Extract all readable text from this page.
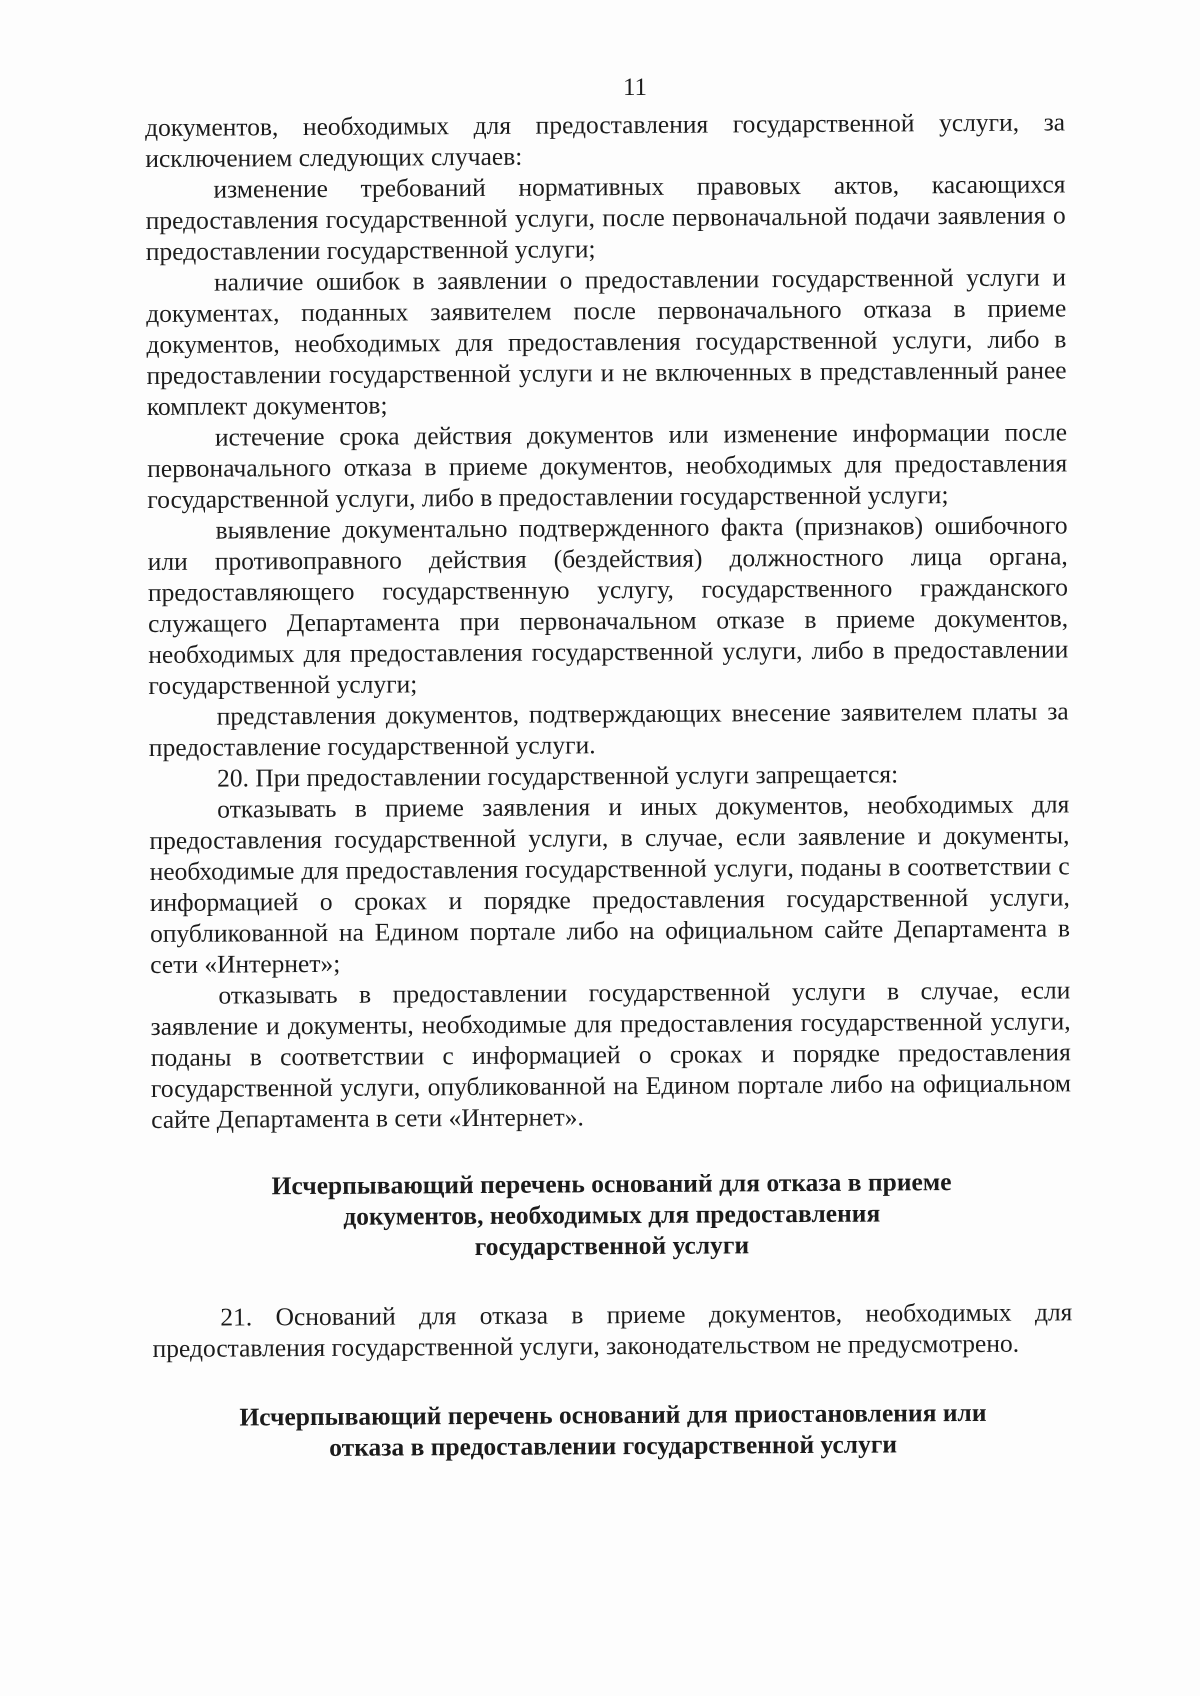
11

документов, необходимых для предоставления государственной услуги, за исключением следующих случаев:

изменение требований нормативных правовых актов, касающихся предоставления государственной услуги, после первоначальной подачи заявления о предоставлении государственной услуги;

наличие ошибок в заявлении о предоставлении государственной услуги и документах, поданных заявителем после первоначального отказа в приеме документов, необходимых для предоставления государственной услуги, либо в предоставлении государственной услуги и не включенных в представленный ранее комплект документов;

истечение срока действия документов или изменение информации после первоначального отказа в приеме документов, необходимых для предоставления государственной услуги, либо в предоставлении государственной услуги;

выявление документально подтвержденного факта (признаков) ошибочного или противоправного действия (бездействия) должностного лица органа, предоставляющего государственную услугу, государственного гражданского служащего Департамента при первоначальном отказе в приеме документов, необходимых для предоставления государственной услуги, либо в предоставлении государственной услуги;

представления документов, подтверждающих внесение заявителем платы за предоставление государственной услуги.

20. При предоставлении государственной услуги запрещается:

отказывать в приеме заявления и иных документов, необходимых для предоставления государственной услуги, в случае, если заявление и документы, необходимые для предоставления государственной услуги, поданы в соответствии с информацией о сроках и порядке предоставления государственной услуги, опубликованной на Едином портале либо на официальном сайте Департамента в сети «Интернет»;

отказывать в предоставлении государственной услуги в случае, если заявление и документы, необходимые для предоставления государственной услуги, поданы в соответствии с информацией о сроках и порядке предоставления государственной услуги, опубликованной на Едином портале либо на официальном сайте Департамента в сети «Интернет».

Исчерпывающий перечень оснований для отказа в приеме

документов, необходимых для предоставления

государственной услуги

21. Оснований для отказа в приеме документов, необходимых для предоставления государственной услуги, законодательством не предусмотрено.

Исчерпывающий перечень оснований для приостановления или

отказа в предоставлении государственной услуги
